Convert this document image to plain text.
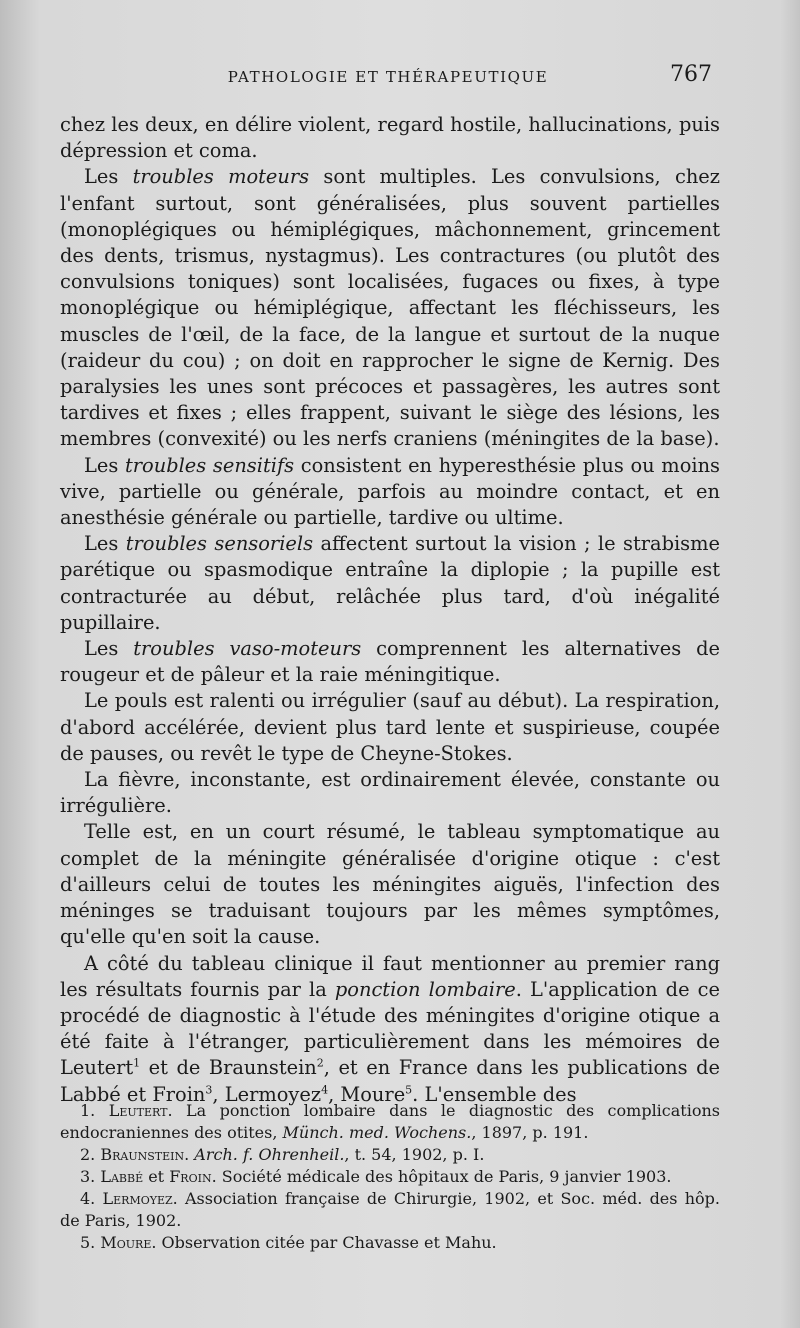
PATHOLOGIE ET THÉRAPEUTIQUE	767

chez les deux, en délire violent, regard hostile, hallucinations, puis dépression et coma.

Les troubles moteurs sont multiples. Les convulsions, chez l'enfant surtout, sont généralisées, plus souvent partielles (monoplégiques ou hémiplégiques, mâchonnement, grincement des dents, trismus, nystagmus). Les contractures (ou plutôt des convulsions toniques) sont localisées, fugaces ou fixes, à type monoplégique ou hémiplégique, affectant les fléchisseurs, les muscles de l'œil, de la face, de la langue et surtout de la nuque (raideur du cou) ; on doit en rapprocher le signe de Kernig. Des paralysies les unes sont précoces et passagères, les autres sont tardives et fixes ; elles frappent, suivant le siège des lésions, les membres (convexité) ou les nerfs craniens (méningites de la base).

Les troubles sensitifs consistent en hyperesthésie plus ou moins vive, partielle ou générale, parfois au moindre contact, et en anesthésie générale ou partielle, tardive ou ultime.

Les troubles sensoriels affectent surtout la vision ; le strabisme parétique ou spasmodique entraîne la diplopie ; la pupille est contracturée au début, relâchée plus tard, d'où inégalité pupillaire.

Les troubles vaso-moteurs comprennent les alternatives de rougeur et de pâleur et la raie méningitique.

Le pouls est ralenti ou irrégulier (sauf au début). La respiration, d'abord accélérée, devient plus tard lente et suspirieuse, coupée de pauses, ou revêt le type de Cheyne-Stokes.

La fièvre, inconstante, est ordinairement élevée, constante ou irrégulière.

Telle est, en un court résumé, le tableau symptomatique au complet de la méningite généralisée d'origine otique : c'est d'ailleurs celui de toutes les méningites aiguës, l'infection des méninges se traduisant toujours par les mêmes symptômes, qu'elle qu'en soit la cause.

A côté du tableau clinique il faut mentionner au premier rang les résultats fournis par la ponction lombaire. L'application de ce procédé de diagnostic à l'étude des méningites d'origine otique a été faite à l'étranger, particulièrement dans les mémoires de Leutert$^1$ et de Braunstein$^2$, et en France dans les publications de Labbé et Froin$^3$, Lermoyez$^4$, Moure$^5$. L'ensemble des

1. Leutert. La ponction lombaire dans le diagnostic des complications endocraniennes des otites, Münch. med. Wochens., 1897, p. 191.

2. Braunstein. Arch. f. Ohrenheil., t. 54, 1902, p. I.

3. Labbé et Froin. Société médicale des hôpitaux de Paris, 9 janvier 1903.

4. Lermoyez. Association française de Chirurgie, 1902, et Soc. méd. des hôp. de Paris, 1902.

5. Moure. Observation citée par Chavasse et Mahu.
